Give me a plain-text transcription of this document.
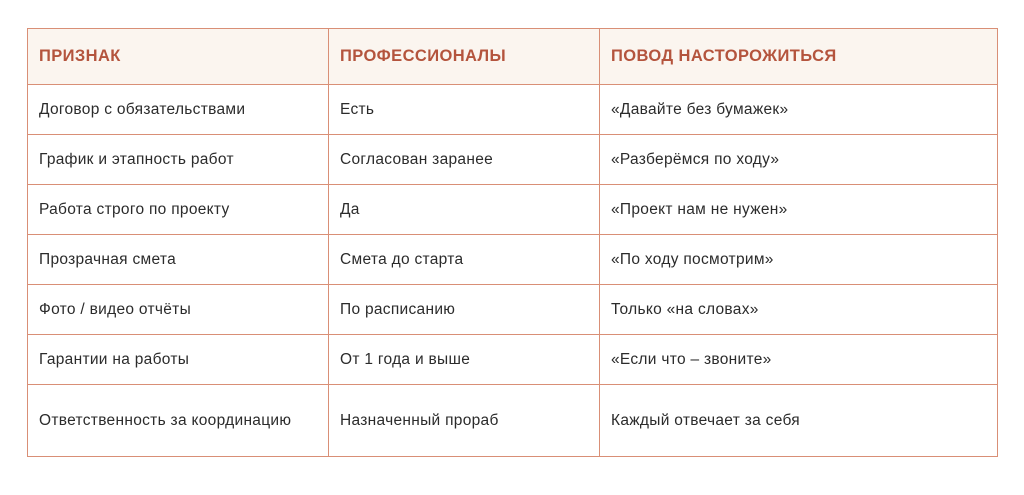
ПРИЗНАК	ПРОФЕССИОНАЛЫ	ПОВОД НАСТОРОЖИТЬСЯ
Договор с обязательствами	Есть	«Давайте без бумажек»
График и этапность работ	Согласован заранее	«Разберёмся по ходу»
Работа строго по проекту	Да	«Проект нам не нужен»
Прозрачная смета	Смета до старта	«По ходу посмотрим»
Фото / видео отчёты	По расписанию	Только «на словах»
Гарантии на работы	От 1 года и выше	«Если что – звоните»
Ответственность за координацию	Назначенный прораб	Каждый отвечает за себя
